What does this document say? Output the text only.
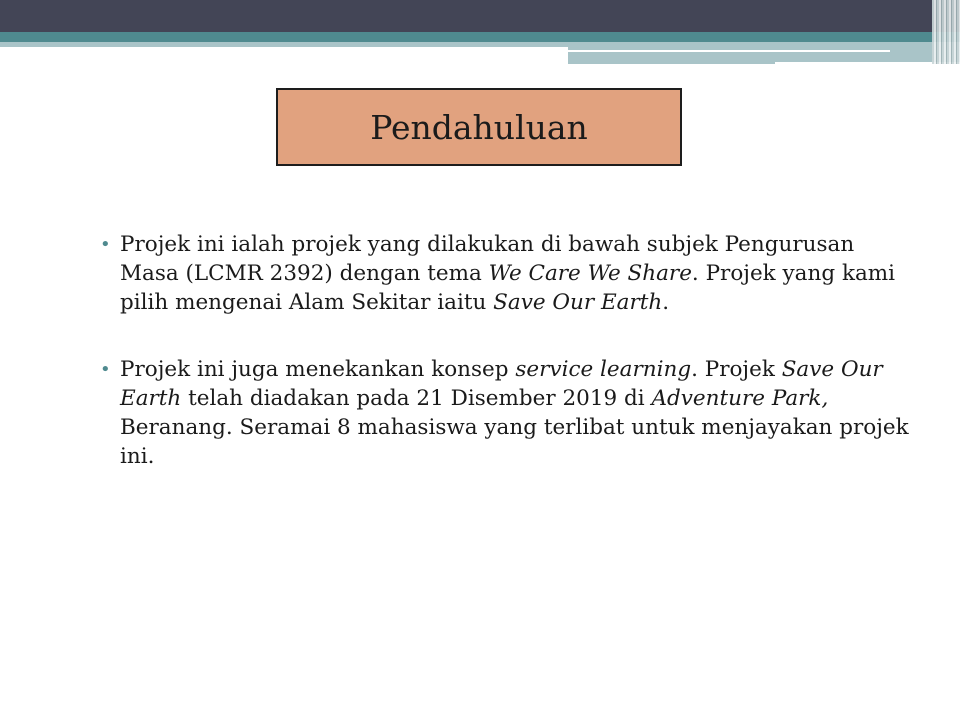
Pendahuluan
• Projek ini ialah projek yang dilakukan di bawah subjek Pengurusan Masa (LCMR 2392) dengan tema We Care We Share. Projek yang kami pilih mengenai Alam Sekitar iaitu Save Our Earth.
• Projek ini juga menekankan konsep service learning. Projek Save Our Earth telah diadakan pada 21 Disember 2019 di Adventure Park, Beranang. Seramai 8 mahasiswa yang terlibat untuk menjayakan projek ini.
